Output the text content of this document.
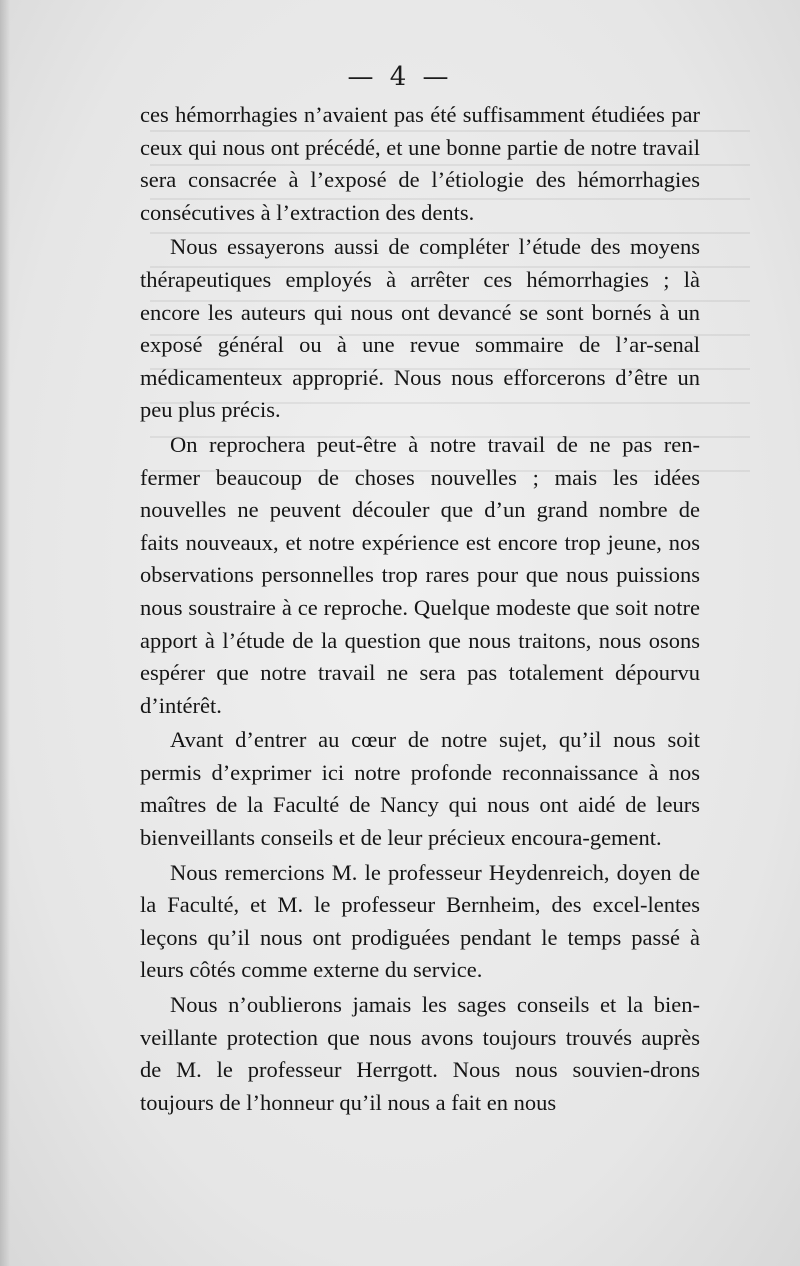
— 4 —

ces hémorrhagies n’avaient pas été suffisamment étudiées par ceux qui nous ont précédé, et une bonne partie de notre travail sera consacrée à l’exposé de l’étiologie des hémorrhagies consécutives à l’extraction des dents.

Nous essayerons aussi de compléter l’étude des moyens thérapeutiques employés à arrêter ces hémorrhagies ; là encore les auteurs qui nous ont devancé se sont bornés à un exposé général ou à une revue sommaire de l’ar-senal médicamenteux approprié. Nous nous efforcerons d’être un peu plus précis.

On reprochera peut-être à notre travail de ne pas ren-fermer beaucoup de choses nouvelles ; mais les idées nouvelles ne peuvent découler que d’un grand nombre de faits nouveaux, et notre expérience est encore trop jeune, nos observations personnelles trop rares pour que nous puissions nous soustraire à ce reproche. Quelque modeste que soit notre apport à l’étude de la question que nous traitons, nous osons espérer que notre travail ne sera pas totalement dépourvu d’intérêt.

Avant d’entrer au cœur de notre sujet, qu’il nous soit permis d’exprimer ici notre profonde reconnaissance à nos maîtres de la Faculté de Nancy qui nous ont aidé de leurs bienveillants conseils et de leur précieux encoura-gement.

Nous remercions M. le professeur Heydenreich, doyen de la Faculté, et M. le professeur Bernheim, des excel-lentes leçons qu’il nous ont prodiguées pendant le temps passé à leurs côtés comme externe du service.

Nous n’oublierons jamais les sages conseils et la bien-veillante protection que nous avons toujours trouvés auprès de M. le professeur Herrgott. Nous nous souvien-drons toujours de l’honneur qu’il nous a fait en nous
